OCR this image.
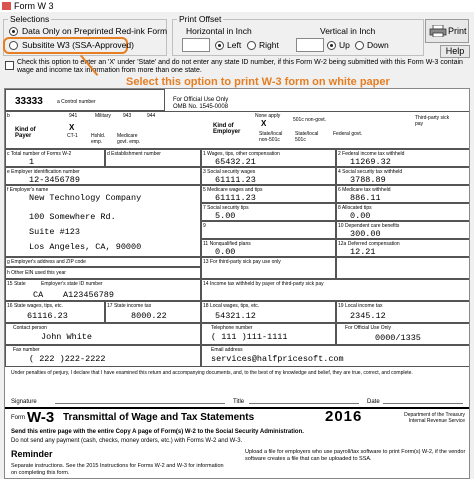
Form W 3
Selections
Data Only on Preprinted Red-ink Form
Subsitite W3 (SSA-Approved)
Print Offset
Horizontal in Inch	Vertical in Inch
Left Right	Up Down
Print
Help
Check this option to enter an 'X' under 'State' and do not enter any state ID number, if this Form W-2 being submitted with this Form W-3 contain wage and income tax information from more than one state.
Select this option to print W-3 form on white paper
33333	a Control number	For Official Use Only
OMB No. 1545-0008
b
Kind of Payer
941	Military 943	944
X
CT-1	Hshld. emp.
Medicare govt. emp.
Kind of Employer
X
None apply
501c non-govt.
State/local non-501c
State/local 501c
Federal govt.
Third-party sick pay
c Total number of Forms W-2
1
d Establishment number
e Employer identification number
12-3456789
f Employer's name
New Technology Company
100 Somewhere Rd.
Suite #123
Los Angeles, CA, 90000
g Employer's address and ZIP code
h Other EIN used this year
1 Wages, tips, other compensation
65432.21
2 Federal income tax withheld
11269.32
3 Social security wages
61111.23
4 Social security tax withheld
3788.89
5 Medicare wages and tips
61111.23
6 Medicare tax withheld
886.11
7 Social security tips
5.00
8 Allocated tips
0.00
9	10 Dependent care benefits
300.00
11 Nonqualified plans
0.00
12a Deferred compensation
12.21
13 For third-party sick pay use only
15 State	Employer's state ID number
CA A123456789
14 Income tax withheld by payer of third-party sick pay
16 State wages, tips, etc.
61116.23
17 State income tax
8000.22
18 Local wages, tips, etc.
54321.12
19 Local income tax
2345.12
Contact person
John White
Telephone number
( 111 )111-1111
For Official Use Only
0000/1335
Fax number
( 222 )222-2222
Email address
services@halfpricesoft.com
Under penalties of perjury, I declare that I have examined this return and accompanying documents, and, to the best of my knowledge and belief, they are true, correct, and complete.
Signature	Title	Date
Form W-3 Transmittal of Wage and Tax Statements	2016	Department of the Treasury Internal Revenue Service
Send this entire page with the entire Copy A page of Form(s) W-2 to the Social Security Administration.
Do not send any payment (cash, checks, money orders, etc.) with Forms W-2 and W-3.
Reminder
Separate instructions. See the 2015 Instructions for Forms W-2 and W-3 for information on completing this form.
Upload a file for employers who use payroll/tax software to print Form(s) W-2, if the vendor software creates a file that can be uploaded to SSA.
